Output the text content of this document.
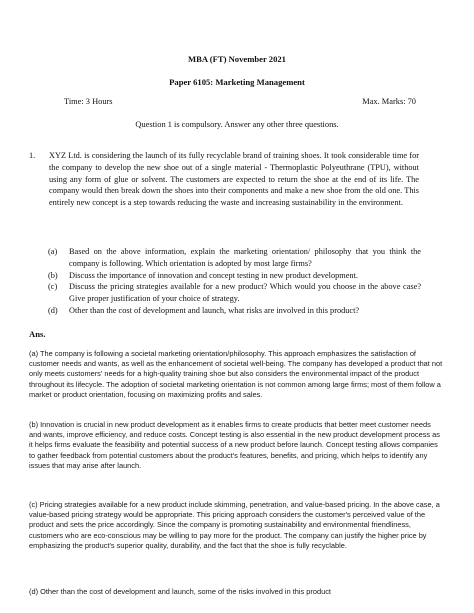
MBA (FT) November 2021
Paper 6105: Marketing Management
Time: 3 Hours	Max. Marks: 70
Question 1 is compulsory. Answer any other three questions.
1. XYZ Ltd. is considering the launch of its fully recyclable brand of training shoes. It took considerable time for the company to develop the new shoe out of a single material - Thermoplastic Polyeuthrane (TPU), without using any form of glue or solvent. The customers are expected to return the shoe at the end of its life. The company would then break down the shoes into their components and make a new shoe from the old one. This entirely new concept is a step towards reducing the waste and increasing sustainability in the environment.
(a) Based on the above information, explain the marketing orientation/ philosophy that you think the company is following. Which orientation is adopted by most large firms?
(b) Discuss the importance of innovation and concept testing in new product development.
(c) Discuss the pricing strategies available for a new product? Which would you choose in the above case? Give proper justification of your choice of strategy.
(d) Other than the cost of development and launch, what risks are involved in this product?
Ans.
(a) The company is following a societal marketing orientation/philosophy. This approach emphasizes the satisfaction of customer needs and wants, as well as the enhancement of societal well-being. The company has developed a product that not only meets customers' needs for a high-quality training shoe but also considers the environmental impact of the product throughout its lifecycle. The adoption of societal marketing orientation is not common among large firms; most of them follow a market or product orientation, focusing on maximizing profits and sales.
(b) Innovation is crucial in new product development as it enables firms to create products that better meet customer needs and wants, improve efficiency, and reduce costs. Concept testing is also essential in the new product development process as it helps firms evaluate the feasibility and potential success of a new product before launch. Concept testing allows companies to gather feedback from potential customers about the product's features, benefits, and pricing, which helps to identify any issues that may arise after launch.
(c) Pricing strategies available for a new product include skimming, penetration, and value-based pricing. In the above case, a value-based pricing strategy would be appropriate. This pricing approach considers the customer's perceived value of the product and sets the price accordingly. Since the company is promoting sustainability and environmental friendliness, customers who are eco-conscious may be willing to pay more for the product. The company can justify the higher price by emphasizing the product's superior quality, durability, and the fact that the shoe is fully recyclable.
(d) Other than the cost of development and launch, some of the risks involved in this product
